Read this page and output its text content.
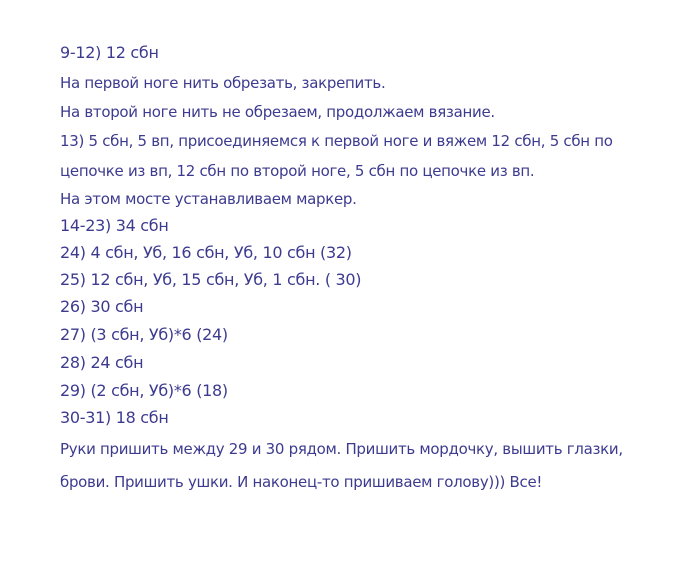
9-12) 12 сбн
На первой ноге нить обрезать, закрепить.
На второй ноге нить не обрезаем, продолжаем вязание.
13) 5 сбн, 5 вп, присоединяемся к первой ноге и вяжем 12 сбн, 5 сбн по
цепочке из вп, 12 сбн по второй ноге, 5 сбн по цепочке из вп.
На этом мосте устанавливаем маркер.
14-23) 34 сбн
24) 4 сбн, Уб, 16 сбн, Уб, 10 сбн (32)
25) 12 сбн, Уб, 15 сбн, Уб, 1 сбн. ( 30)
26) 30 сбн
27) (3 сбн, Уб)*6 (24)
28) 24 сбн
29) (2 сбн, Уб)*6 (18)
30-31) 18 сбн
Руки пришить между 29 и 30 рядом. Пришить мордочку, вышить глазки,
брови. Пришить ушки. И наконец-то пришиваем голову))) Все!
